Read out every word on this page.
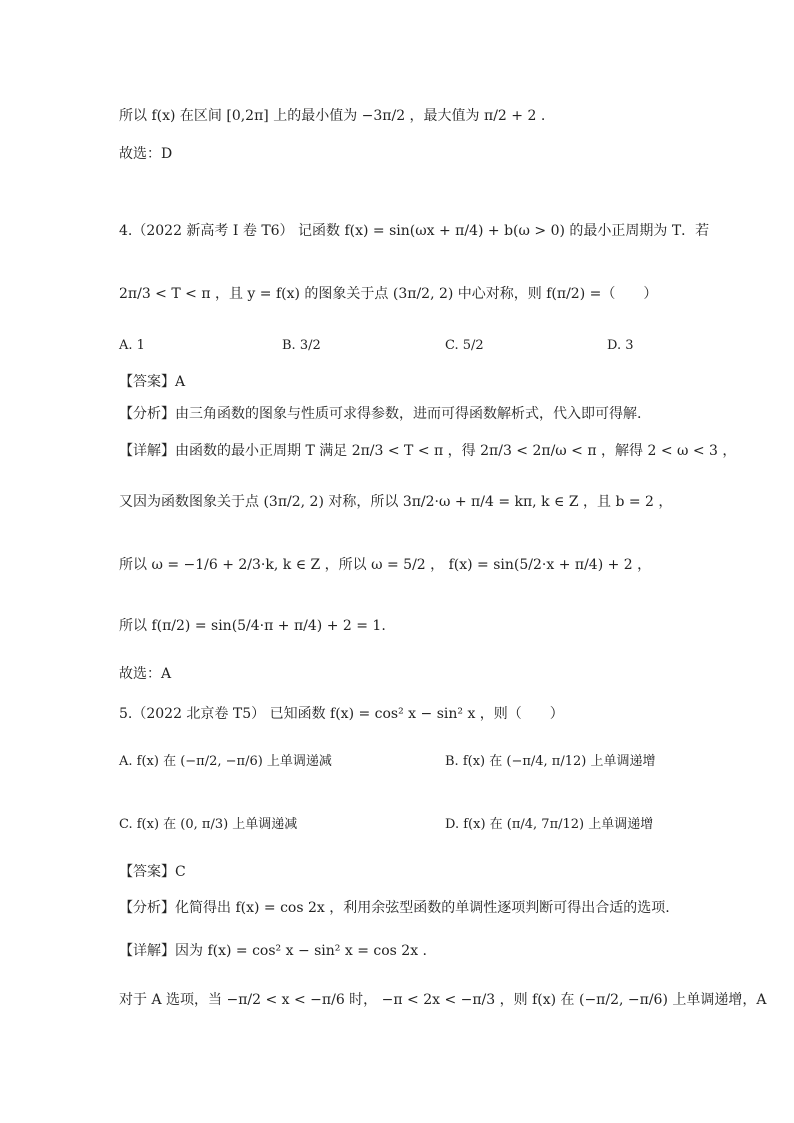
所以 f(x) 在区间 [0,2π] 上的最小值为 −3π/2 ，最大值为 π/2 + 2 .
故选：D
4.（2022 新高考 I 卷 T6） 记函数 f(x) = sin(ωx + π/4) + b(ω > 0) 的最小正周期为 T．若
2π/3 < T < π ，且 y = f(x) 的图象关于点 (3π/2, 2) 中心对称，则 f(π/2) =（　　）
A. 1	B. 3/2	C. 5/2	D. 3
【答案】A
【分析】由三角函数的图象与性质可求得参数，进而可得函数解析式，代入即可得解.
【详解】由函数的最小正周期 T 满足 2π/3 < T < π ，得 2π/3 < 2π/ω < π ，解得 2 < ω < 3 ，
又因为函数图象关于点 (3π/2, 2) 对称，所以 3π/2·ω + π/4 = kπ, k ∈ Z ，且 b = 2 ，
所以 ω = −1/6 + 2/3·k, k ∈ Z ，所以 ω = 5/2 ， f(x) = sin(5/2·x + π/4) + 2 ，
所以 f(π/2) = sin(5/4·π + π/4) + 2 = 1.
故选：A
5.（2022 北京卷 T5） 已知函数 f(x) = cos² x − sin² x ，则（　　）
A. f(x) 在 (−π/2, −π/6) 上单调递减	B. f(x) 在 (−π/4, π/12) 上单调递增
C. f(x) 在 (0, π/3) 上单调递减	D. f(x) 在 (π/4, 7π/12) 上单调递增
【答案】C
【分析】化简得出 f(x) = cos 2x ，利用余弦型函数的单调性逐项判断可得出合适的选项.
【详解】因为 f(x) = cos² x − sin² x = cos 2x .
对于 A 选项，当 −π/2 < x < −π/6 时， −π < 2x < −π/3 ，则 f(x) 在 (−π/2, −π/6) 上单调递增，A
